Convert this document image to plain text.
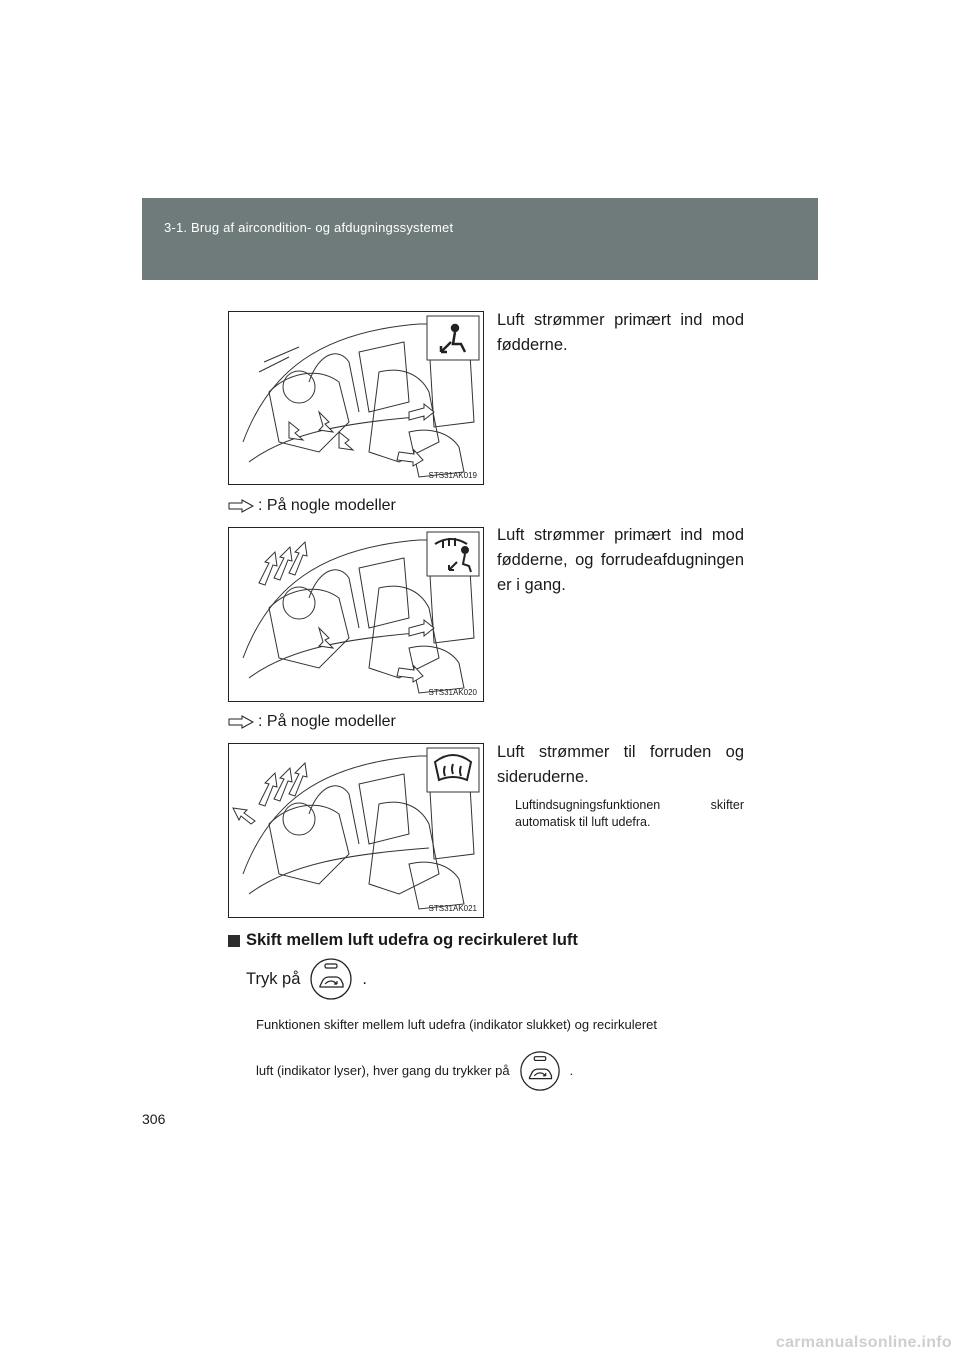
3-1. Brug af aircondition- og afdugningssystemet
STS31AK019
Luft strømmer primært ind mod fødderne.
: På nogle modeller
STS31AK020
Luft strømmer primært ind mod fødderne, og forrudeafdugningen er i gang.
: På nogle modeller
STS31AK021
Luft strømmer til forruden og sideruderne.
Luftindsugningsfunktionen skifter automatisk til luft udefra.
Skift mellem luft udefra og recirkuleret luft
Tryk på	.
Funktionen skifter mellem luft udefra (indikator slukket) og recirkuleret
luft (indikator lyser), hver gang du trykker på	.
306
carmanualsonline.info
